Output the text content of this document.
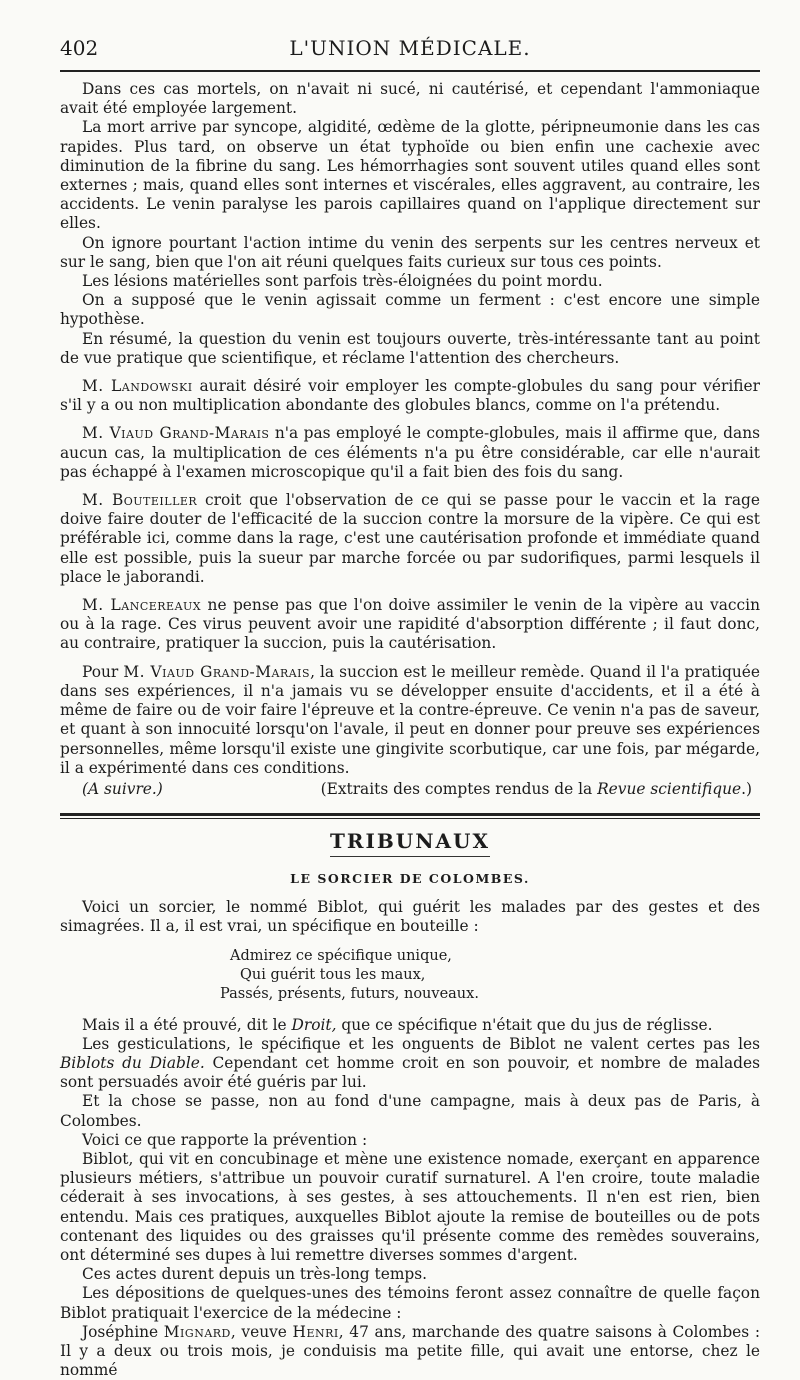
402	L'UNION MÉDICALE.

Dans ces cas mortels, on n'avait ni sucé, ni cautérisé, et cependant l'ammoniaque avait été employée largement.

La mort arrive par syncope, algidité, œdème de la glotte, péripneumonie dans les cas rapides. Plus tard, on observe un état typhoïde ou bien enfin une cachexie avec diminution de la fibrine du sang. Les hémorrhagies sont souvent utiles quand elles sont externes ; mais, quand elles sont internes et viscérales, elles aggravent, au contraire, les accidents. Le venin paralyse les parois capillaires quand on l'applique directement sur elles.

On ignore pourtant l'action intime du venin des serpents sur les centres nerveux et sur le sang, bien que l'on ait réuni quelques faits curieux sur tous ces points.

Les lésions matérielles sont parfois très-éloignées du point mordu.

On a supposé que le venin agissait comme un ferment : c'est encore une simple hypothèse.

En résumé, la question du venin est toujours ouverte, très-intéressante tant au point de vue pratique que scientifique, et réclame l'attention des chercheurs.

M. Landowski aurait désiré voir employer les compte-globules du sang pour vérifier s'il y a ou non multiplication abondante des globules blancs, comme on l'a prétendu.

M. Viaud Grand-Marais n'a pas employé le compte-globules, mais il affirme que, dans aucun cas, la multiplication de ces éléments n'a pu être considérable, car elle n'aurait pas échappé à l'examen microscopique qu'il a fait bien des fois du sang.

M. Bouteiller croit que l'observation de ce qui se passe pour le vaccin et la rage doive faire douter de l'efficacité de la succion contre la morsure de la vipère. Ce qui est préférable ici, comme dans la rage, c'est une cautérisation profonde et immédiate quand elle est possible, puis la sueur par marche forcée ou par sudorifiques, parmi lesquels il place le jaborandi.

M. Lancereaux ne pense pas que l'on doive assimiler le venin de la vipère au vaccin ou à la rage. Ces virus peuvent avoir une rapidité d'absorption différente ; il faut donc, au contraire, pratiquer la succion, puis la cautérisation.

Pour M. Viaud Grand-Marais, la succion est le meilleur remède. Quand il l'a pratiquée dans ses expériences, il n'a jamais vu se développer ensuite d'accidents, et il a été à même de faire ou de voir faire l'épreuve et la contre-épreuve. Ce venin n'a pas de saveur, et quant à son innocuité lorsqu'on l'avale, il peut en donner pour preuve ses expériences personnelles, même lorsqu'il existe une gingivite scorbutique, car une fois, par mégarde, il a expérimenté dans ces conditions.

(A suivre.)	(Extraits des comptes rendus de la Revue scientifique.)
TRIBUNAUX
LE SORCIER DE COLOMBES.

Voici un sorcier, le nommé Biblot, qui guérit les malades par des gestes et des simagrées. Il a, il est vrai, un spécifique en bouteille :

Admirez ce spécifique unique,
Qui guérit tous les maux,
Passés, présents, futurs, nouveaux.

Mais il a été prouvé, dit le Droit, que ce spécifique n'était que du jus de réglisse.

Les gesticulations, le spécifique et les onguents de Biblot ne valent certes pas les Biblots du Diable. Cependant cet homme croit en son pouvoir, et nombre de malades sont persuadés avoir été guéris par lui.

Et la chose se passe, non au fond d'une campagne, mais à deux pas de Paris, à Colombes.

Voici ce que rapporte la prévention :

Biblot, qui vit en concubinage et mène une existence nomade, exerçant en apparence plusieurs métiers, s'attribue un pouvoir curatif surnaturel. A l'en croire, toute maladie céderait à ses invocations, à ses gestes, à ses attouchements. Il n'en est rien, bien entendu. Mais ces pratiques, auxquelles Biblot ajoute la remise de bouteilles ou de pots contenant des liquides ou des graisses qu'il présente comme des remèdes souverains, ont déterminé ses dupes à lui remettre diverses sommes d'argent.

Ces actes durent depuis un très-long temps.

Les dépositions de quelques-unes des témoins feront assez connaître de quelle façon Biblot pratiquait l'exercice de la médecine :

Joséphine Mignard, veuve Henri, 47 ans, marchande des quatre saisons à Colombes : Il y a deux ou trois mois, je conduisis ma petite fille, qui avait une entorse, chez le nommé
